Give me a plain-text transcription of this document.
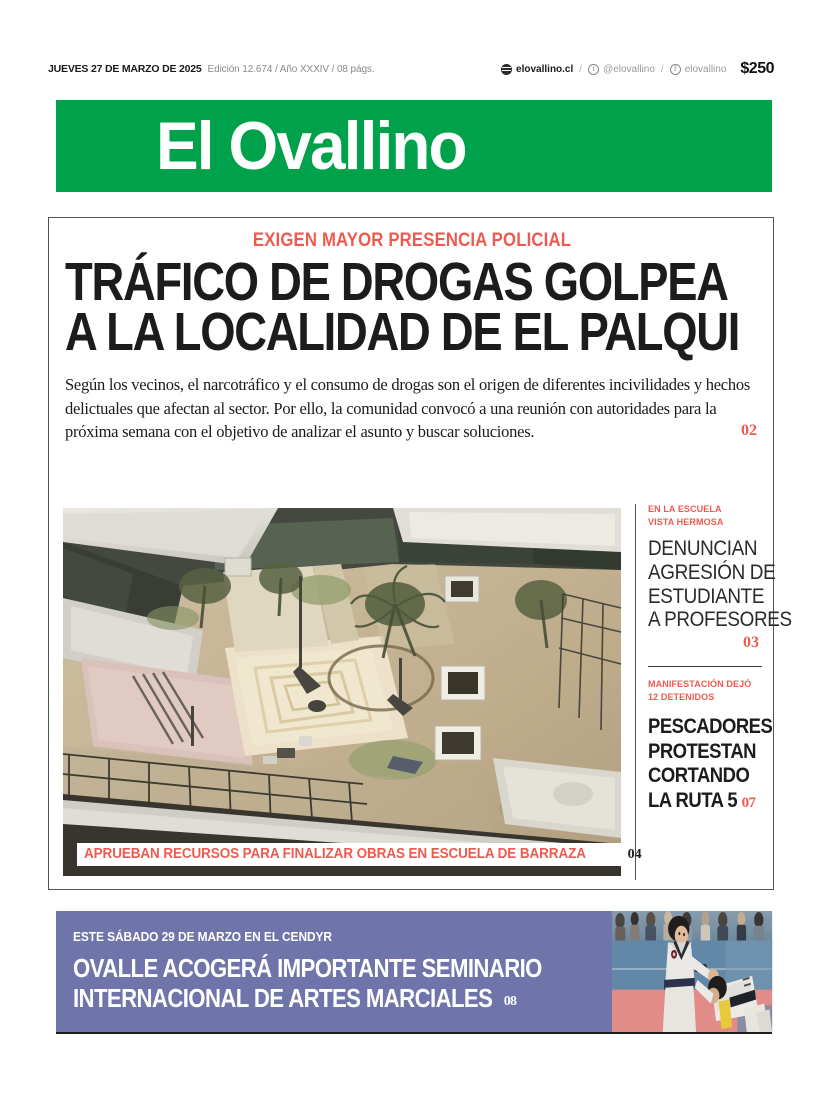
JUEVES 27 DE MARZO DE 2025 Edición 12.674 / Año XXXIV / 08 págs.	elovallino.cl /	t @elovallino /	f elovallino $250
El Ovallino
EXIGEN MAYOR PRESENCIA POLICIAL
TRÁFICO DE DROGAS GOLPEA
A LA LOCALIDAD DE EL PALQUI
Según los vecinos, el narcotráfico y el consumo de drogas son el origen de diferentes incivilidades y hechos delictuales que afectan al sector. Por ello, la comunidad convocó a una reunión con autoridades para la próxima semana con el objetivo de analizar el asunto y buscar soluciones.	02
EL OVALLINO APRUEBAN RECURSOS PARA FINALIZAR OBRAS EN ESCUELA DE BARRAZA	04
EN LA ESCUELA
VISTA HERMOSA
DENUNCIAN
AGRESIÓN DE
ESTUDIANTE
A PROFESORES
03
MANIFESTACIÓN DEJÓ
12 DETENIDOS
PESCADORES
PROTESTAN
CORTANDO
LA RUTA 5 07
ESTE SÁBADO 29 DE MARZO EN EL CENDYR
OVALLE ACOGERÁ IMPORTANTE SEMINARIO
INTERNACIONAL DE ARTES MARCIALES 08
